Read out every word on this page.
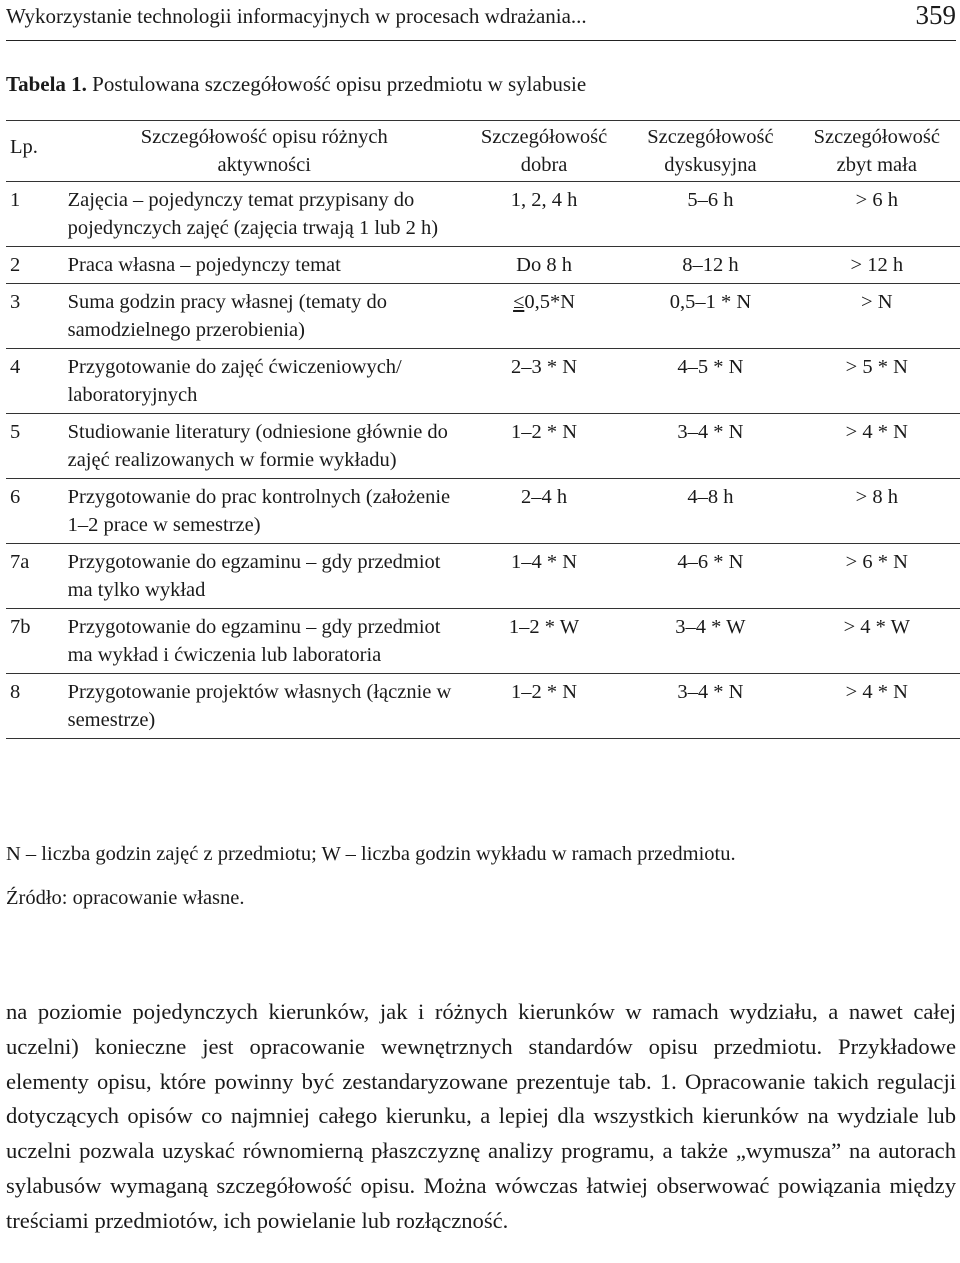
Wykorzystanie technologii informacyjnych w procesach wdrażania...	359
Tabela 1. Postulowana szczegółowość opisu przedmiotu w sylabusie
Lp.	Szczegółowość opisu różnych aktywności	Szczegółowość dobra	Szczegółowość dyskusyjna	Szczegółowość zbyt mała
1	Zajęcia – pojedynczy temat przypisany do pojedynczych zajęć (zajęcia trwają 1 lub 2 h)	1, 2, 4 h	5–6 h	> 6 h
2	Praca własna – pojedynczy temat	Do 8 h	8–12 h	> 12 h
3	Suma godzin pracy własnej (tematy do samodzielnego przerobienia)	≤0,5*N	0,5–1 * N	> N
4	Przygotowanie do zajęć ćwiczeniowych/ laboratoryjnych	2–3 * N	4–5 * N	> 5 * N
5	Studiowanie literatury (odniesione głównie do zajęć realizowanych w formie wykładu)	1–2 * N	3–4 * N	> 4 * N
6	Przygotowanie do prac kontrolnych (założenie 1–2 prace w semestrze)	2–4 h	4–8 h	> 8 h
7a	Przygotowanie do egzaminu – gdy przedmiot ma tylko wykład	1–4 * N	4–6 * N	> 6 * N
7b	Przygotowanie do egzaminu – gdy przedmiot ma wykład i ćwiczenia lub laboratoria	1–2 * W	3–4 * W	> 4 * W
8	Przygotowanie projektów własnych (łącznie w semestrze)	1–2 * N	3–4 * N	> 4 * N
N – liczba godzin zajęć z przedmiotu; W – liczba godzin wykładu w ramach przedmiotu.
Źródło: opracowanie własne.

na poziomie pojedynczych kierunków, jak i różnych kierunków w ramach wydziału, a nawet całej uczelni) konieczne jest opracowanie wewnętrznych standardów opisu przedmiotu. Przykładowe elementy opisu, które powinny być zestandaryzowane prezentuje tab. 1. Opracowanie takich regulacji dotyczących opisów co najmniej całego kierunku, a lepiej dla wszystkich kierunków na wydziale lub uczelni pozwala uzyskać równomierną płaszczyznę analizy programu, a także „wymusza” na autorach sylabusów wymaganą szczegółowość opisu. Można wówczas łatwiej obserwować powiązania między treściami przedmiotów, ich powielanie lub rozłączność.
